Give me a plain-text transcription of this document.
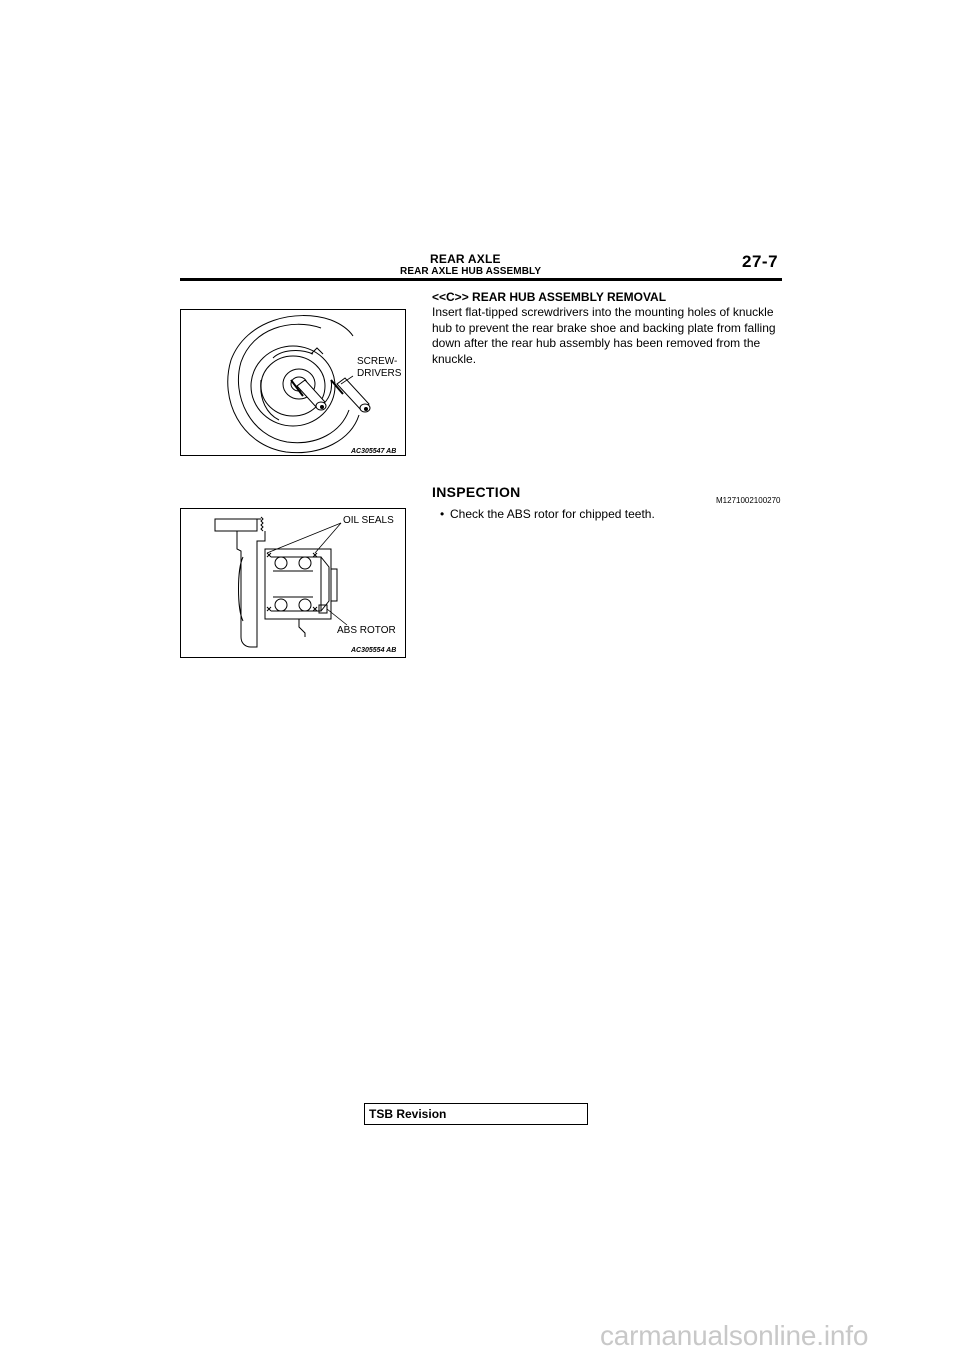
REAR AXLE
REAR AXLE HUB ASSEMBLY
27-7
SCREW-
DRIVERS
AC305547 AB
<<C>> REAR HUB ASSEMBLY REMOVAL
Insert flat-tipped screwdrivers into the mounting holes of knuckle hub to prevent the rear brake shoe and backing plate from falling down after the rear hub assembly has been removed from the knuckle.
OIL SEALS
ABS ROTOR
AC305554 AB
INSPECTION
M1271002100270
• Check the ABS rotor for chipped teeth.
TSB Revision
carmanualsonline.info
